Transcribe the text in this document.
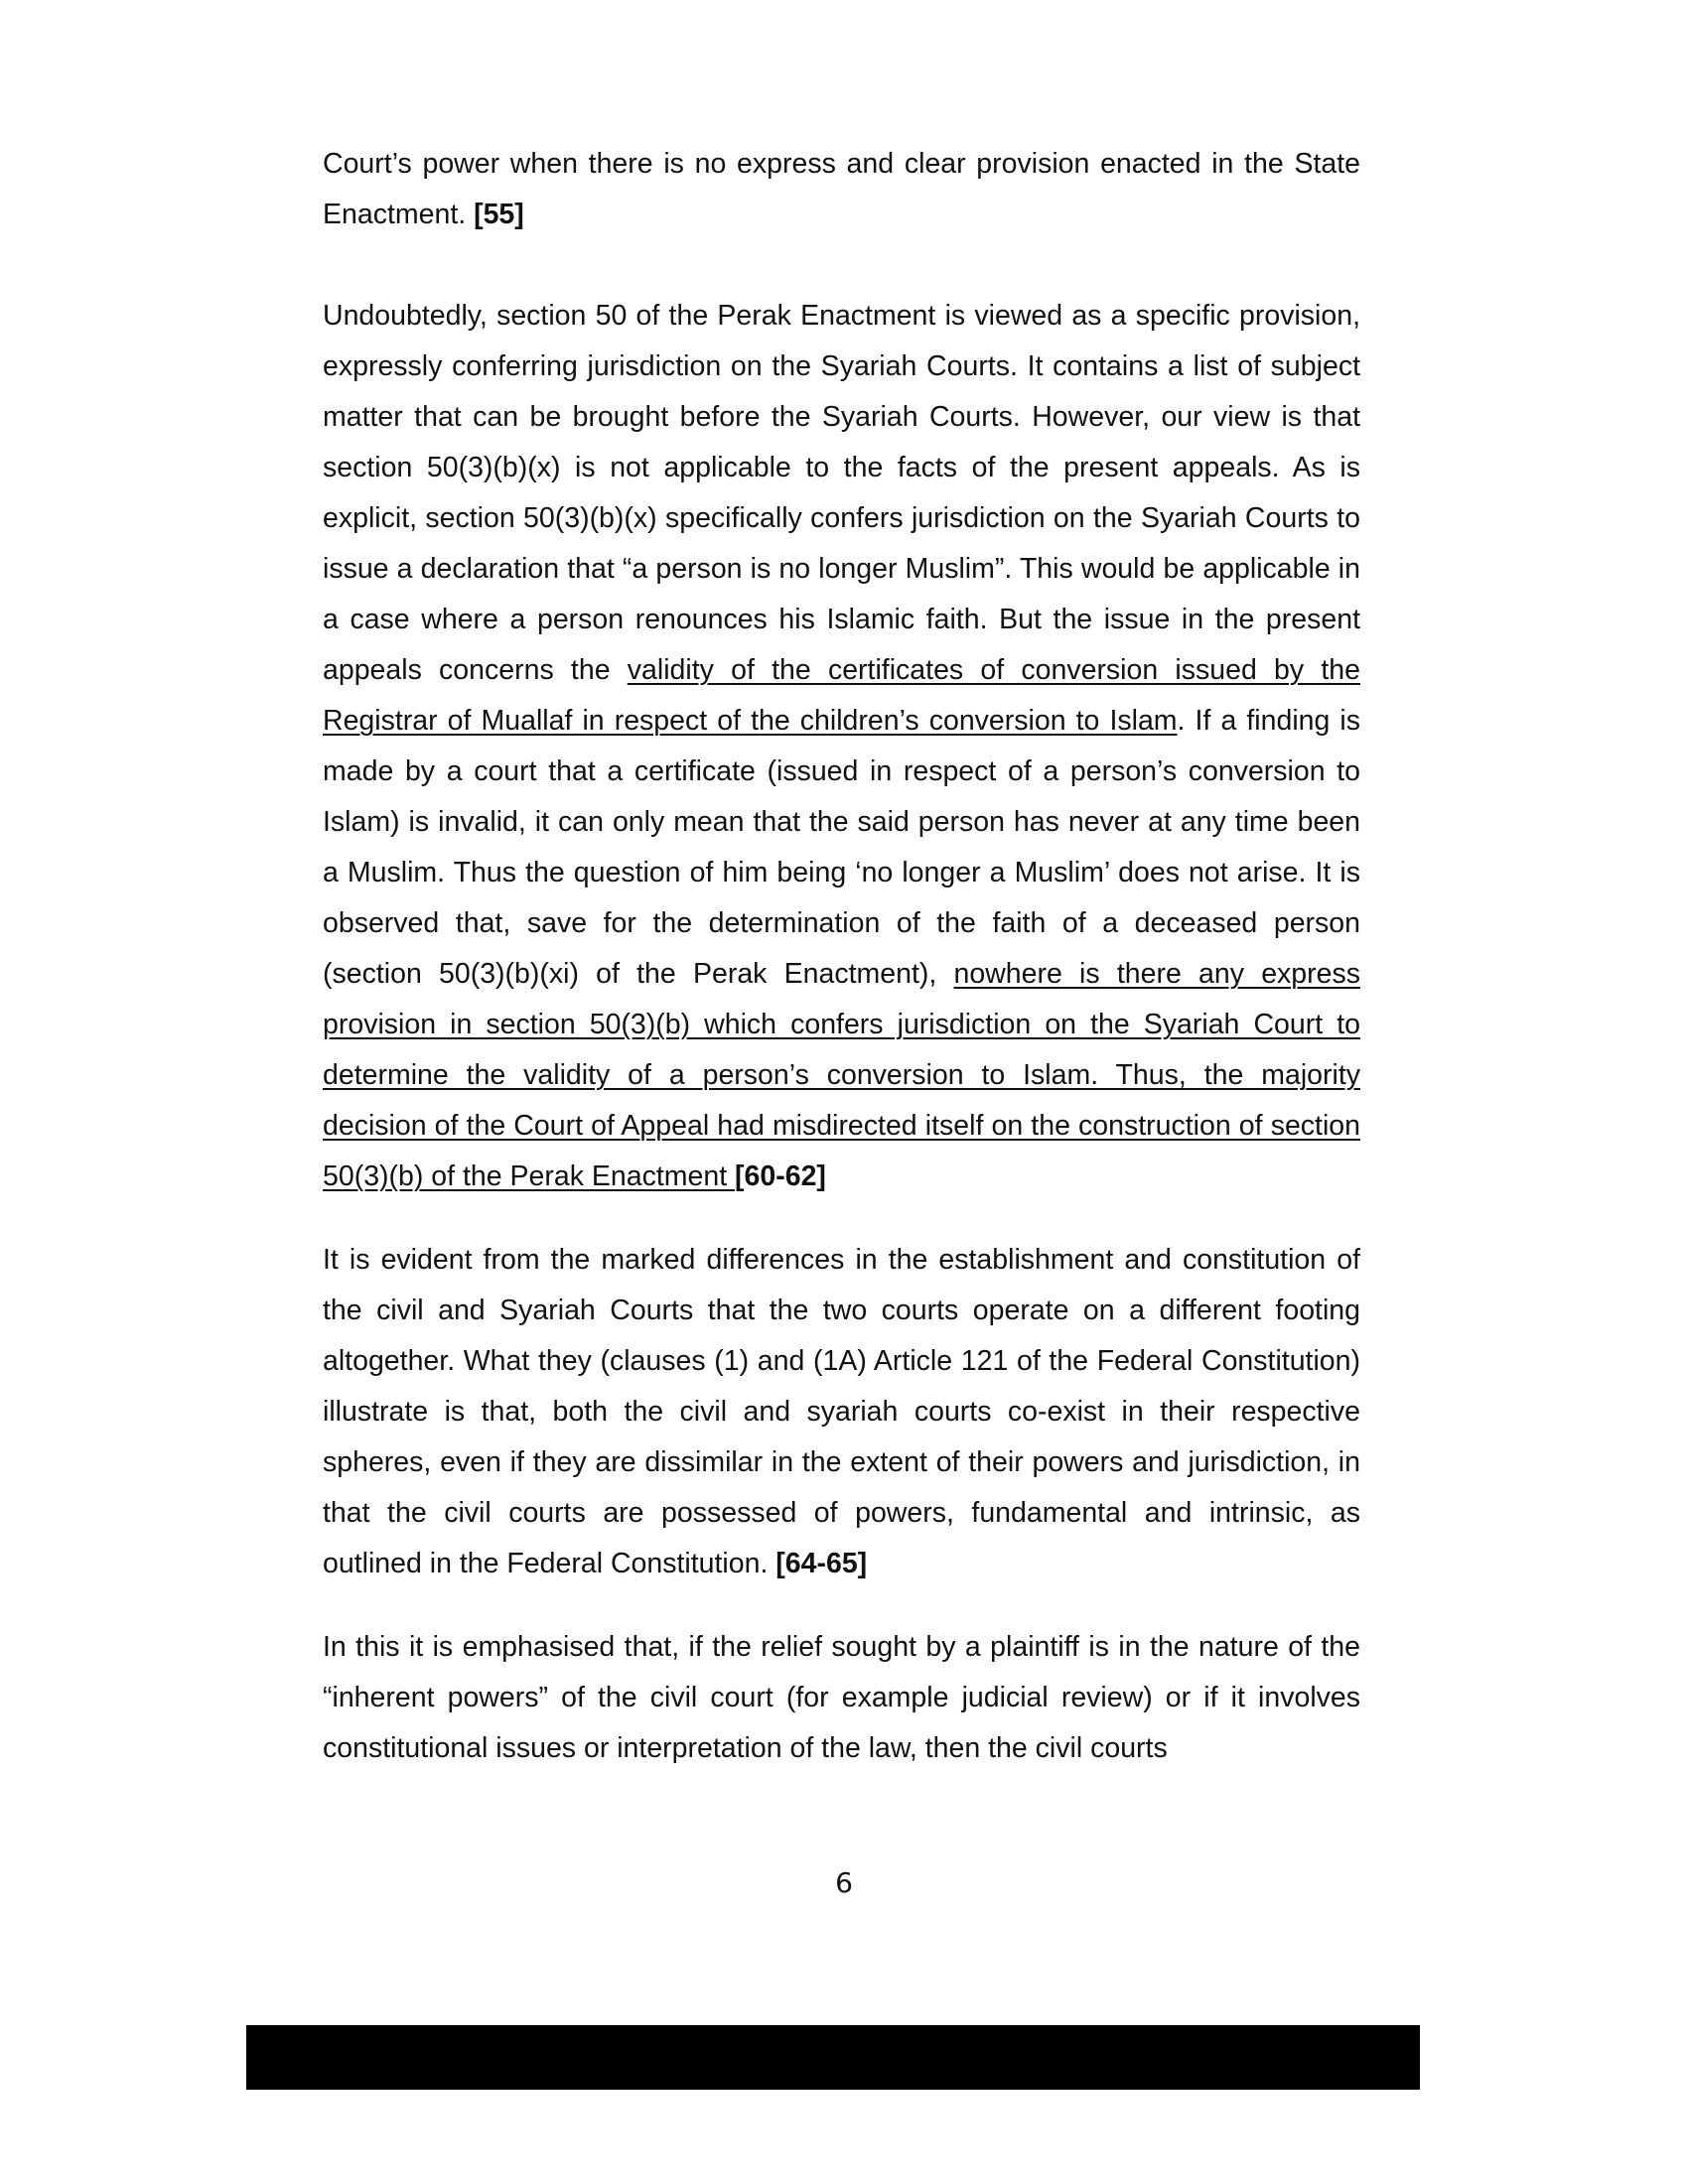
Court’s power when there is no express and clear provision enacted in the State Enactment. [55]

Undoubtedly, section 50 of the Perak Enactment is viewed as a specific provision, expressly conferring jurisdiction on the Syariah Courts. It contains a list of subject matter that can be brought before the Syariah Courts. However, our view is that section 50(3)(b)(x) is not applicable to the facts of the present appeals. As is explicit, section 50(3)(b)(x) specifically confers jurisdiction on the Syariah Courts to issue a declaration that “a person is no longer Muslim”. This would be applicable in a case where a person renounces his Islamic faith. But the issue in the present appeals concerns the validity of the certificates of conversion issued by the Registrar of Muallaf in respect of the children’s conversion to Islam. If a finding is made by a court that a certificate (issued in respect of a person’s conversion to Islam) is invalid, it can only mean that the said person has never at any time been a Muslim. Thus the question of him being ‘no longer a Muslim’ does not arise. It is observed that, save for the determination of the faith of a deceased person (section 50(3)(b)(xi) of the Perak Enactment), nowhere is there any express provision in section 50(3)(b) which confers jurisdiction on the Syariah Court to determine the validity of a person’s conversion to Islam. Thus, the majority decision of the Court of Appeal had misdirected itself on the construction of section 50(3)(b) of the Perak Enactment [60-62]

It is evident from the marked differences in the establishment and constitution of the civil and Syariah Courts that the two courts operate on a different footing altogether. What they (clauses (1) and (1A) Article 121 of the Federal Constitution) illustrate is that, both the civil and syariah courts co-exist in their respective spheres, even if they are dissimilar in the extent of their powers and jurisdiction, in that the civil courts are possessed of powers, fundamental and intrinsic, as outlined in the Federal Constitution. [64-65]

In this it is emphasised that, if the relief sought by a plaintiff is in the nature of the “inherent powers” of the civil court (for example judicial review) or if it involves constitutional issues or interpretation of the law, then the civil courts

6
